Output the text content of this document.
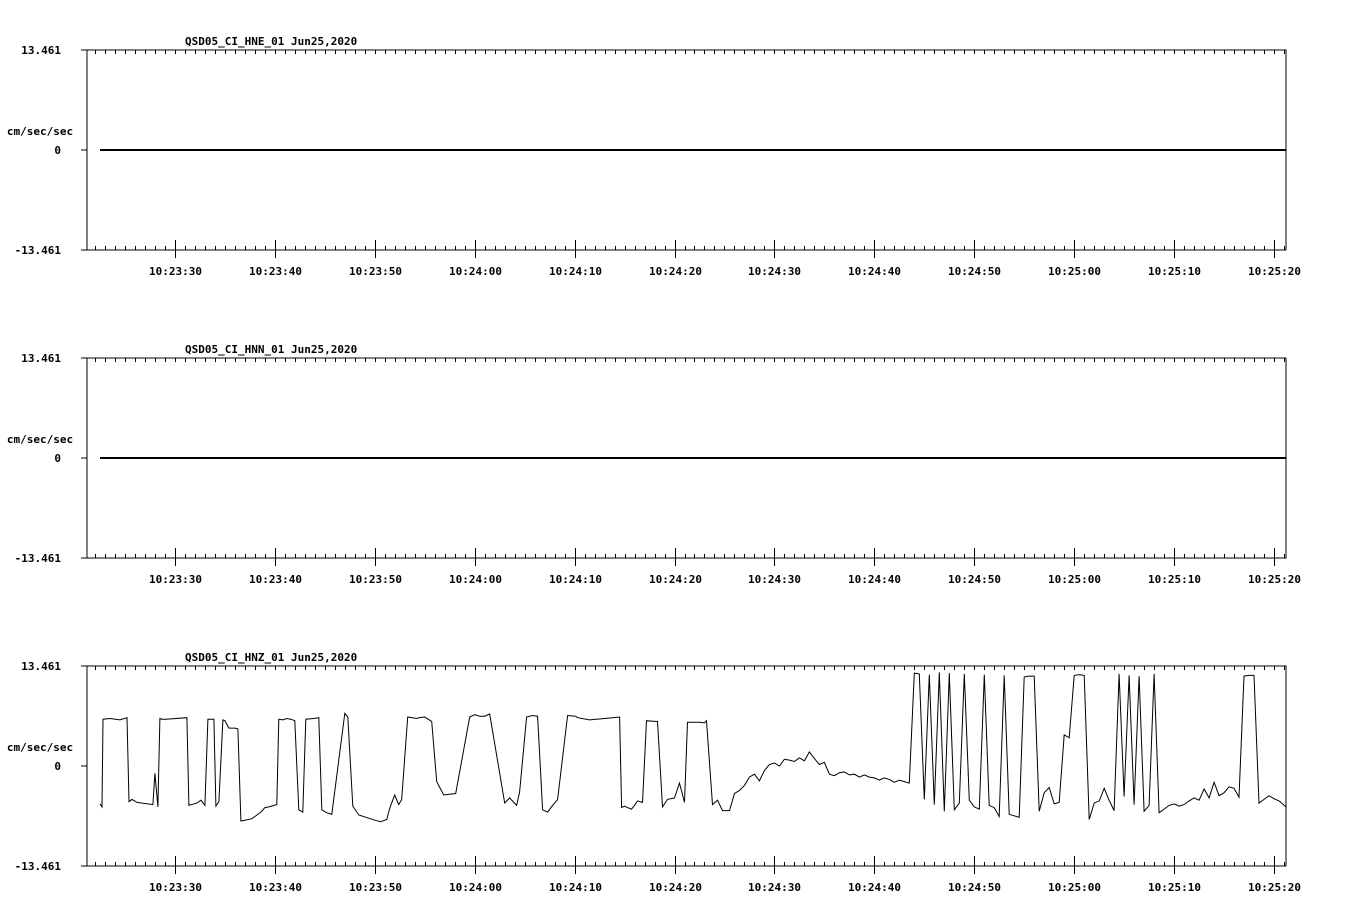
10:23:30	10:23:40	10:23:50	10:24:00	10:24:10	10:24:20	10:24:30	10:24:40	10:24:50	10:25:00	10:25:10	10:25:20
13.461
0
-13.461
cm/sec/sec
QSD05_CI_HNE_01 Jun25,2020
10:23:30	10:23:40	10:23:50	10:24:00	10:24:10	10:24:20	10:24:30	10:24:40	10:24:50	10:25:00	10:25:10	10:25:20
13.461
0
-13.461
cm/sec/sec
QSD05_CI_HNN_01 Jun25,2020
10:23:30	10:23:40	10:23:50	10:24:00	10:24:10	10:24:20	10:24:30	10:24:40	10:24:50	10:25:00	10:25:10	10:25:20
13.461
0
-13.461
cm/sec/sec
QSD05_CI_HNZ_01 Jun25,2020
